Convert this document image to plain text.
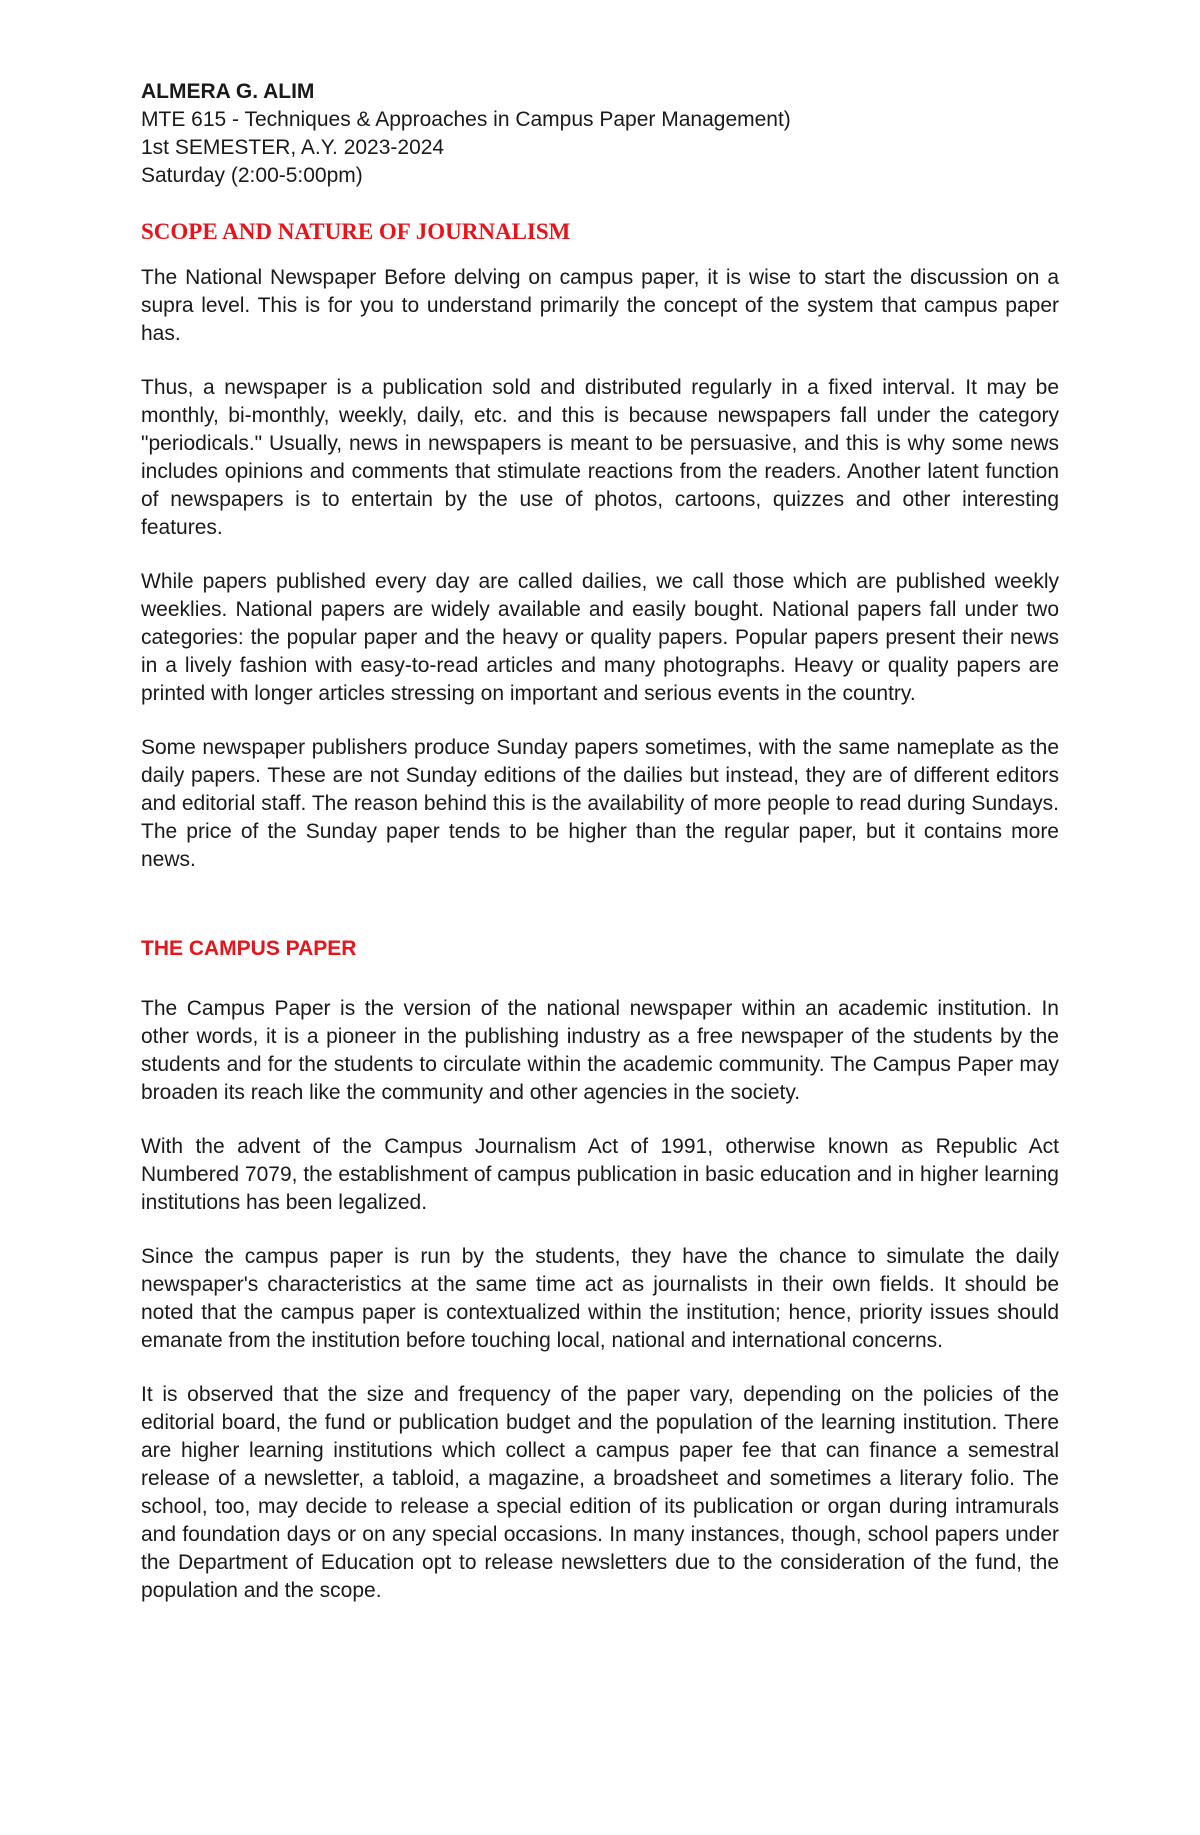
ALMERA G. ALIM

MTE 615 - Techniques & Approaches in Campus Paper Management)

1st SEMESTER, A.Y. 2023-2024

Saturday (2:00-5:00pm)

SCOPE AND NATURE OF JOURNALISM

The National Newspaper Before delving on campus paper, it is wise to start the discussion on a supra level. This is for you to understand primarily the concept of the system that campus paper has.

Thus, a newspaper is a publication sold and distributed regularly in a fixed interval. It may be monthly, bi-monthly, weekly, daily, etc. and this is because newspapers fall under the category "periodicals." Usually, news in newspapers is meant to be persuasive, and this is why some news includes opinions and comments that stimulate reactions from the readers. Another latent function of newspapers is to entertain by the use of photos, cartoons, quizzes and other interesting features.

While papers published every day are called dailies, we call those which are published weekly weeklies. National papers are widely available and easily bought. National papers fall under two categories: the popular paper and the heavy or quality papers. Popular papers present their news in a lively fashion with easy-to-read articles and many photographs. Heavy or quality papers are printed with longer articles stressing on important and serious events in the country.

Some newspaper publishers produce Sunday papers sometimes, with the same nameplate as the daily papers. These are not Sunday editions of the dailies but instead, they are of different editors and editorial staff. The reason behind this is the availability of more people to read during Sundays. The price of the Sunday paper tends to be higher than the regular paper, but it contains more news.

THE CAMPUS PAPER

The Campus Paper is the version of the national newspaper within an academic institution. In other words, it is a pioneer in the publishing industry as a free newspaper of the students by the students and for the students to circulate within the academic community. The Campus Paper may broaden its reach like the community and other agencies in the society.

With the advent of the Campus Journalism Act of 1991, otherwise known as Republic Act Numbered 7079, the establishment of campus publication in basic education and in higher learning institutions has been legalized.

Since the campus paper is run by the students, they have the chance to simulate the daily newspaper's characteristics at the same time act as journalists in their own fields. It should be noted that the campus paper is contextualized within the institution; hence, priority issues should emanate from the institution before touching local, national and international concerns.

It is observed that the size and frequency of the paper vary, depending on the policies of the editorial board, the fund or publication budget and the population of the learning institution. There are higher learning institutions which collect a campus paper fee that can finance a semestral release of a newsletter, a tabloid, a magazine, a broadsheet and sometimes a literary folio. The school, too, may decide to release a special edition of its publication or organ during intramurals and foundation days or on any special occasions. In many instances, though, school papers under the Department of Education opt to release newsletters due to the consideration of the fund, the population and the scope.
